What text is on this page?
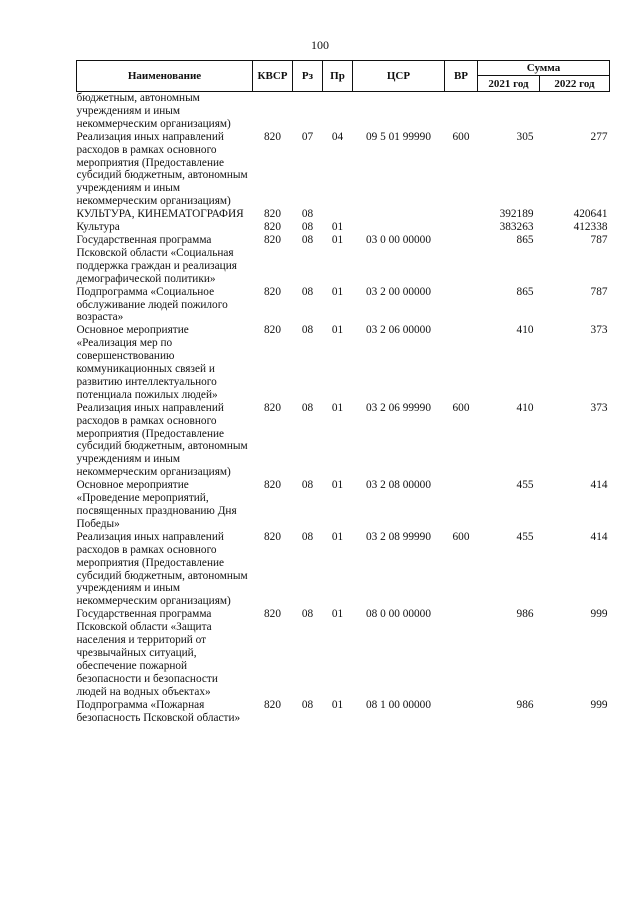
100
Наименование	КВСР	Рз	Пр	ЦСР	ВР	Сумма	
						2021 год	2022 год
бюджетным, автономным учреждениям и иным некоммерческим организациям)							
Реализация иных направлений расходов в рамках основного мероприятия (Предоставление субсидий бюджетным, автономным учреждениям и иным некоммерческим организациям)	820	07	04	09 5 01 99990	600	305	277
КУЛЬТУРА, КИНЕМАТОГРАФИЯ	820	08				392189	420641
Культура	820	08	01			383263	412338
Государственная программа Псковской области «Социальная поддержка граждан и реализация демографической политики»	820	08	01	03 0 00 00000		865	787
Подпрограмма «Социальное обслуживание людей пожилого возраста»	820	08	01	03 2 00 00000		865	787
Основное мероприятие «Реализация мер по совершенствованию коммуникационных связей и развитию интеллектуального потенциала пожилых людей»	820	08	01	03 2 06 00000		410	373
Реализация иных направлений расходов в рамках основного мероприятия (Предоставление субсидий бюджетным, автономным учреждениям и иным некоммерческим организациям)	820	08	01	03 2 06 99990	600	410	373
Основное мероприятие «Проведение мероприятий, посвященных празднованию Дня Победы»	820	08	01	03 2 08 00000		455	414
Реализация иных направлений расходов в рамках основного мероприятия (Предоставление субсидий бюджетным, автономным учреждениям и иным некоммерческим организациям)	820	08	01	03 2 08 99990	600	455	414
Государственная программа Псковской области «Защита населения и территорий от чрезвычайных ситуаций, обеспечение пожарной безопасности и безопасности людей на водных объектах»	820	08	01	08 0 00 00000		986	999
Подпрограмма «Пожарная безопасность Псковской области»	820	08	01	08 1 00 00000		986	999
